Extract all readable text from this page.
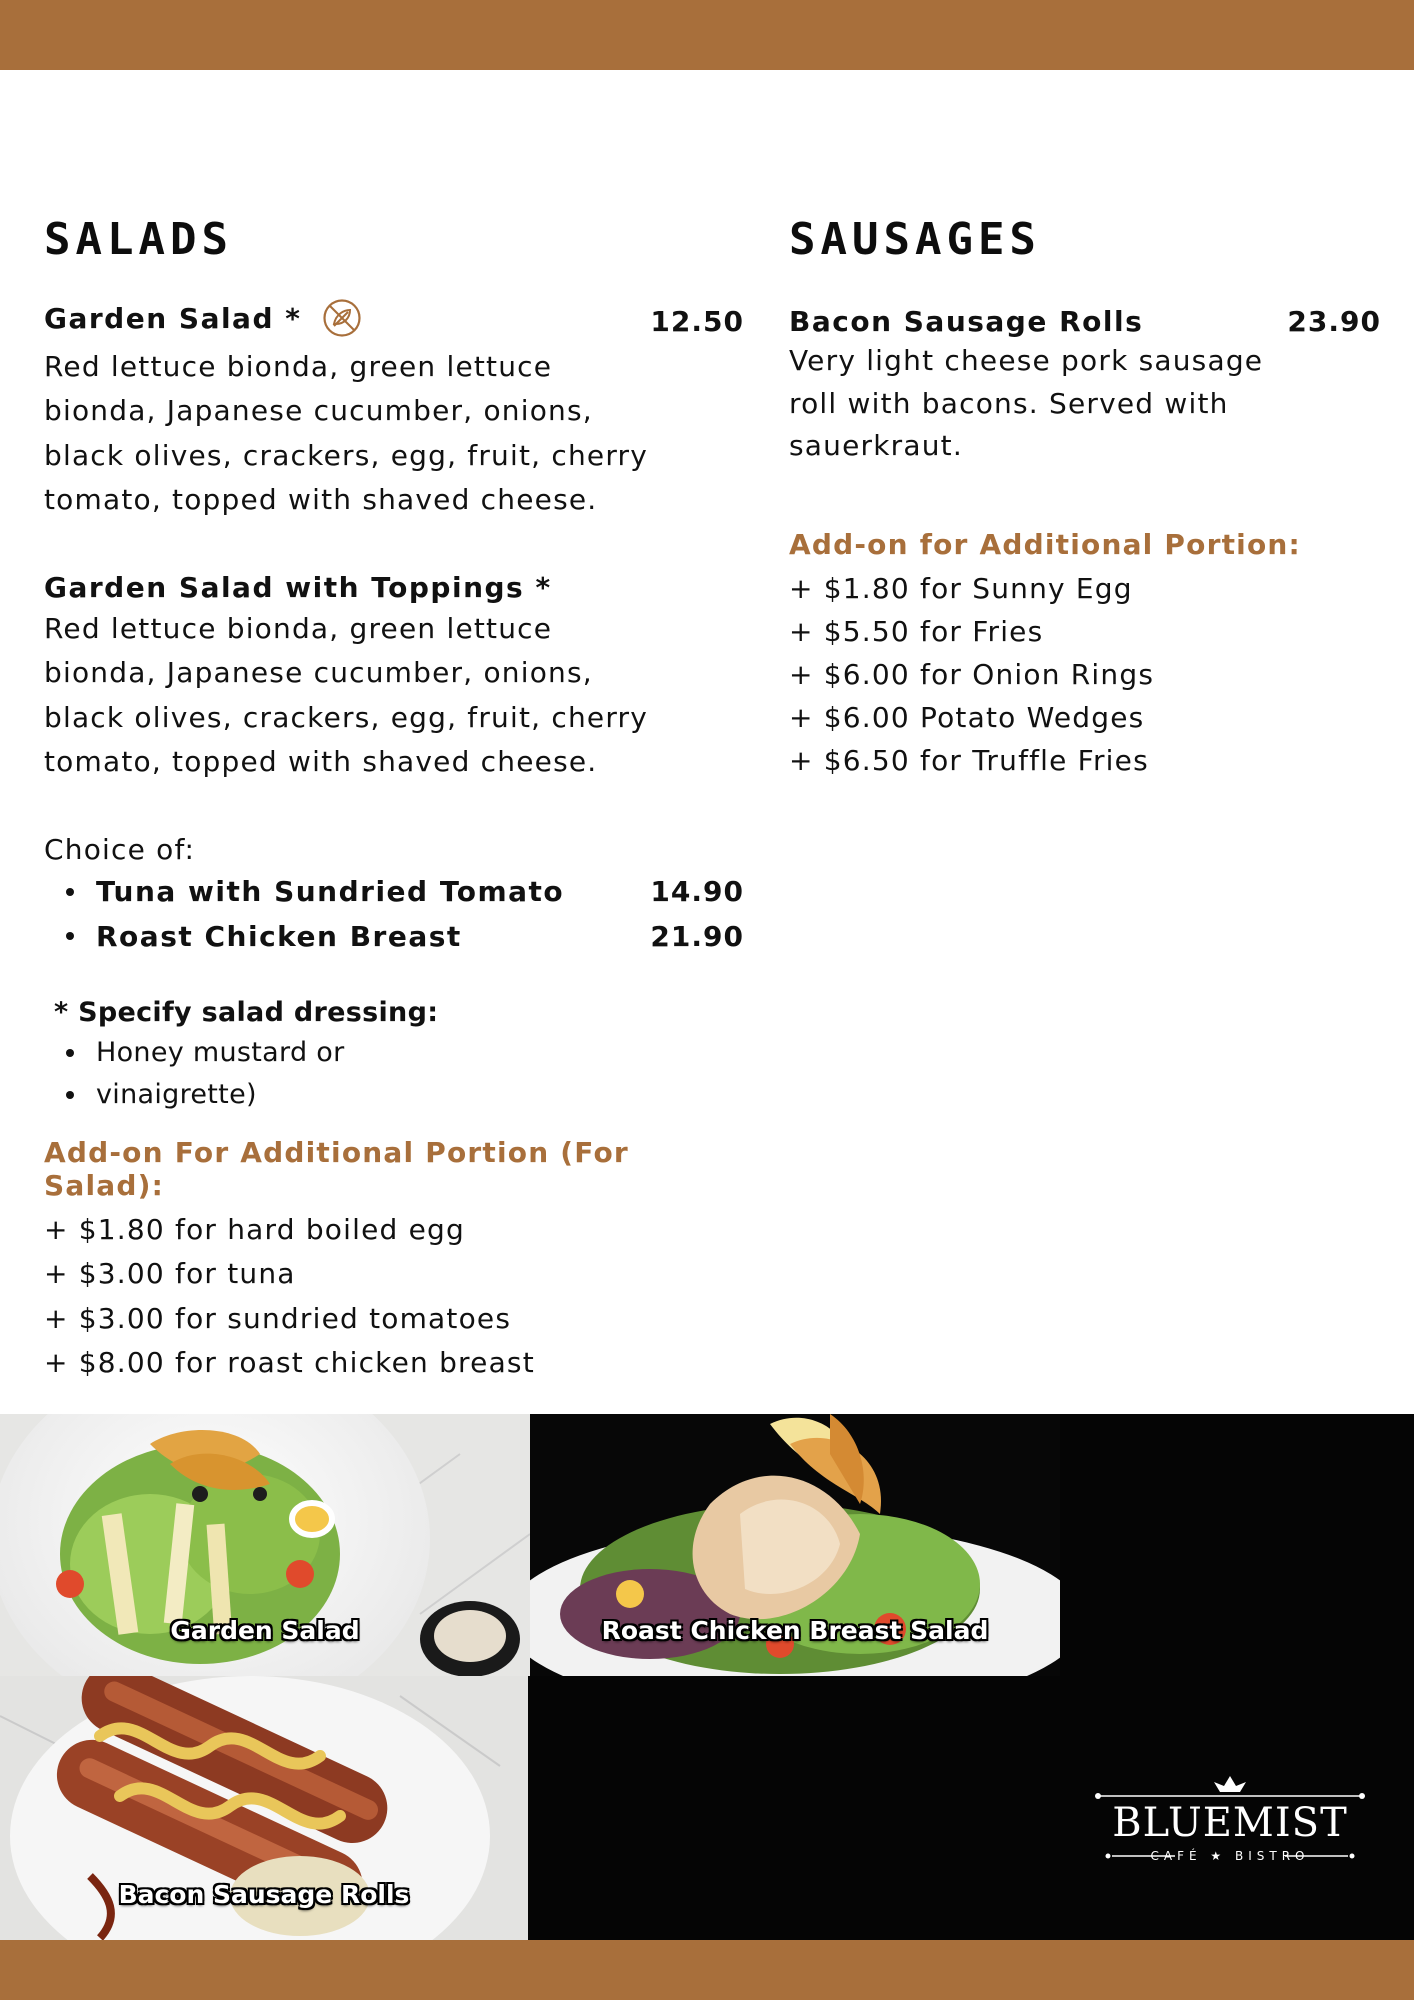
SALADS	SAUSAGES
Garden Salad *	12.50
Red lettuce bionda, green lettuce bionda, Japanese cucumber, onions, black olives, crackers, egg, fruit, cherry tomato, topped with shaved cheese.
Garden Salad with Toppings *
Red lettuce bionda, green lettuce bionda, Japanese cucumber, onions, black olives, crackers, egg, fruit, cherry tomato, topped with shaved cheese.
Choice of:
Tuna with Sundried Tomato	14.90
Roast Chicken Breast	21.90
* Specify salad dressing:
Honey mustard or
vinaigrette)
Add-on For Additional Portion (For Salad):
+ $1.80 for hard boiled egg
+ $3.00 for tuna
+ $3.00 for sundried tomatoes
+ $8.00 for roast chicken breast
Bacon Sausage Rolls	23.90
Very light cheese pork sausage roll with bacons. Served with sauerkraut.
Add-on for Additional Portion:
+ $1.80 for Sunny Egg
+ $5.50 for Fries
+ $6.00 for Onion Rings
+ $6.00 Potato Wedges
+ $6.50 for Truffle Fries
Garden Salad	Roast Chicken Breast Salad
Bacon Sausage Rolls
BLUEMIST
CAFÉ ★ BISTRO
